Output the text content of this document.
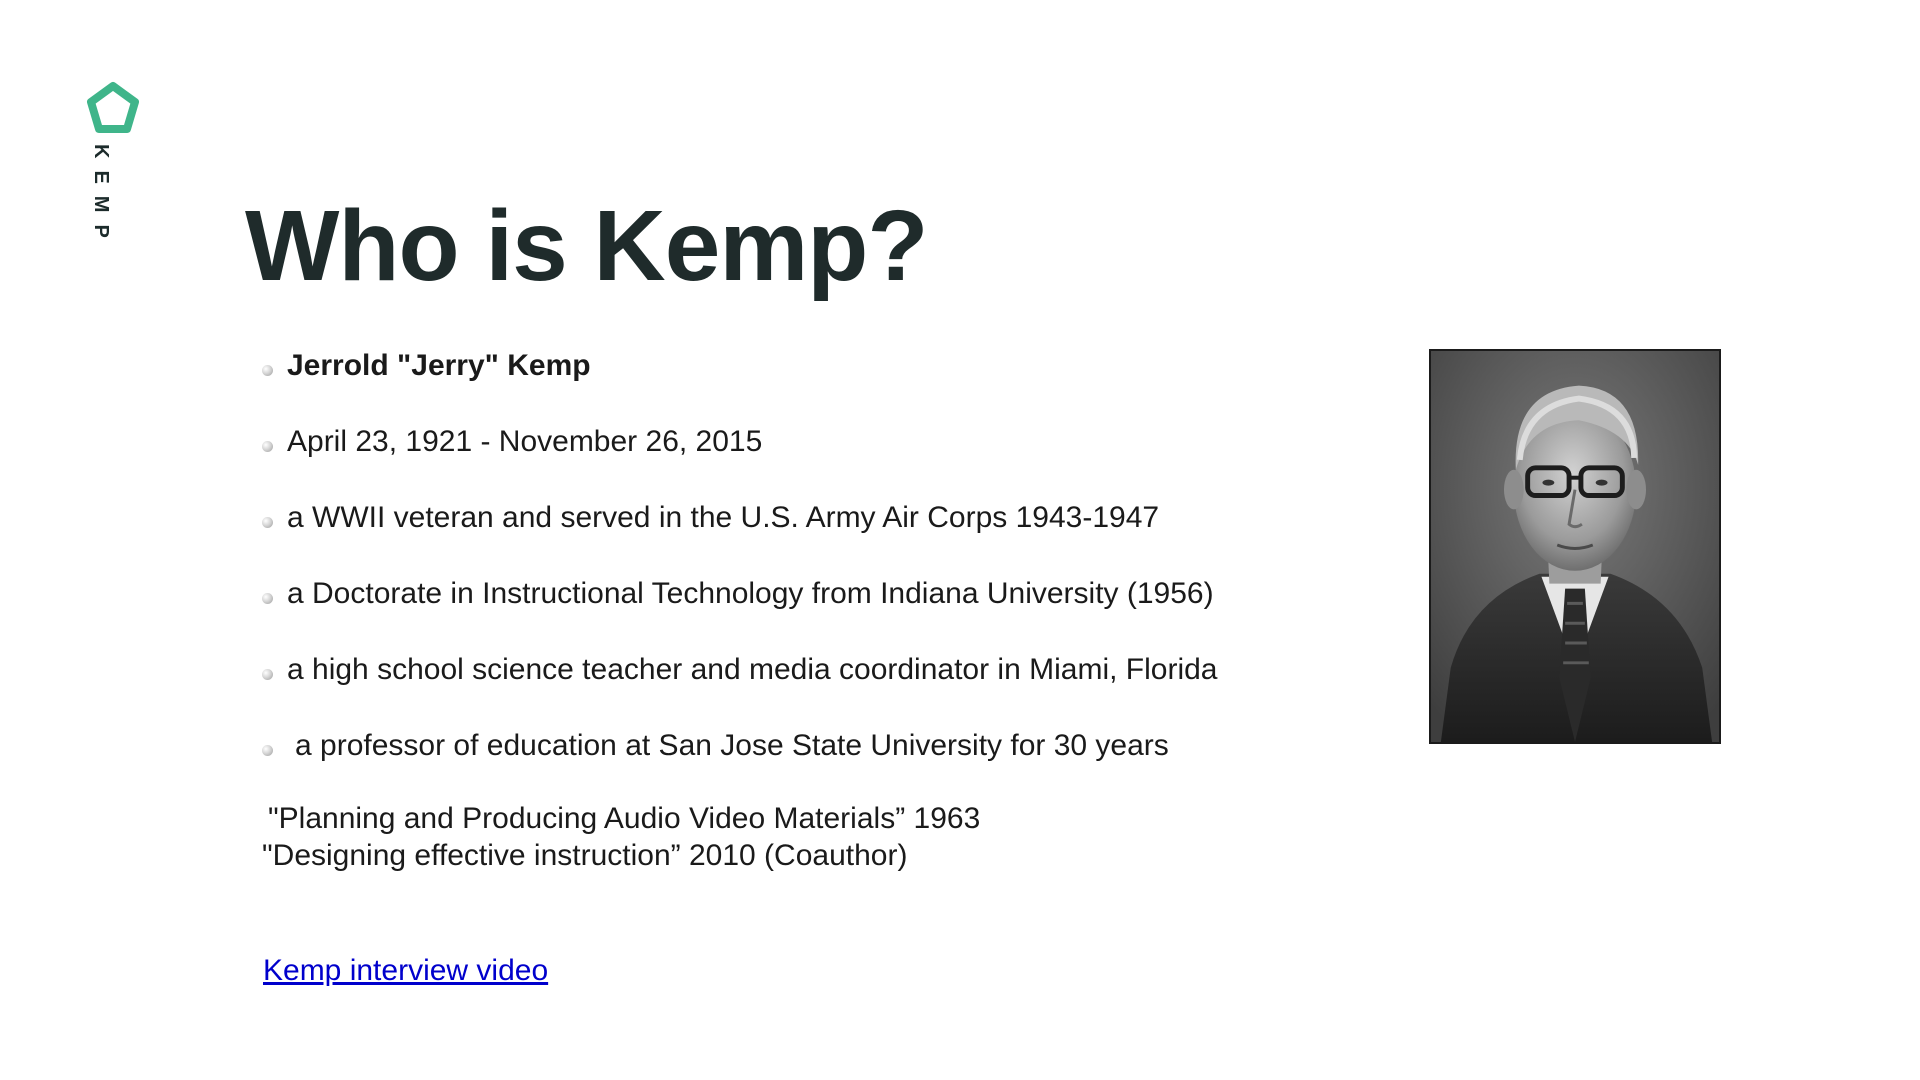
KEMP Who is Kemp?
Jerrold "Jerry" Kemp
April 23, 1921 - November 26, 2015
a WWII veteran and served in the U.S. Army Air Corps 1943-1947
a Doctorate in Instructional Technology from Indiana University (1956)
a high school science teacher and media coordinator in Miami, Florida
a professor of education at San Jose State University for 30 years
"Planning and Producing Audio Video Materials” 1963
"Designing effective instruction” 2010 (Coauthor)
Kemp interview video
